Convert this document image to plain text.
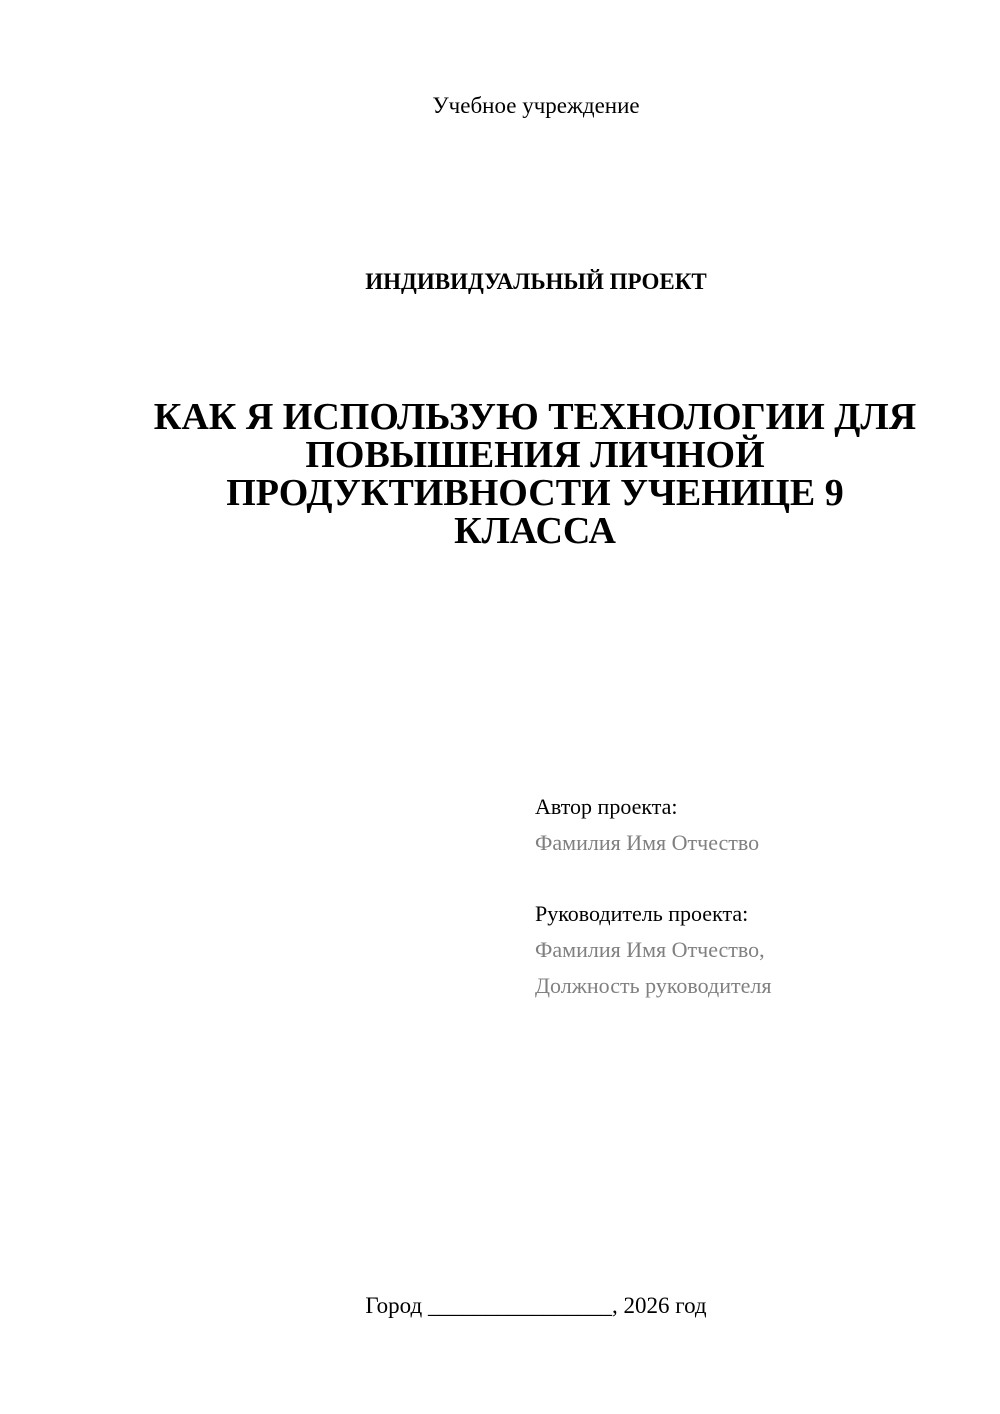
Учебное учреждение
ИНДИВИДУАЛЬНЫЙ ПРОЕКТ
КАК Я ИСПОЛЬЗУЮ ТЕХНОЛОГИИ ДЛЯ
ПОВЫШЕНИЯ ЛИЧНОЙ
ПРОДУКТИВНОСТИ УЧЕНИЦЕ 9
КЛАССА
Автор проекта:
Фамилия Имя Отчество
Руководитель проекта:
Фамилия Имя Отчество,
Должность руководителя
Город ________________, 2026 год
